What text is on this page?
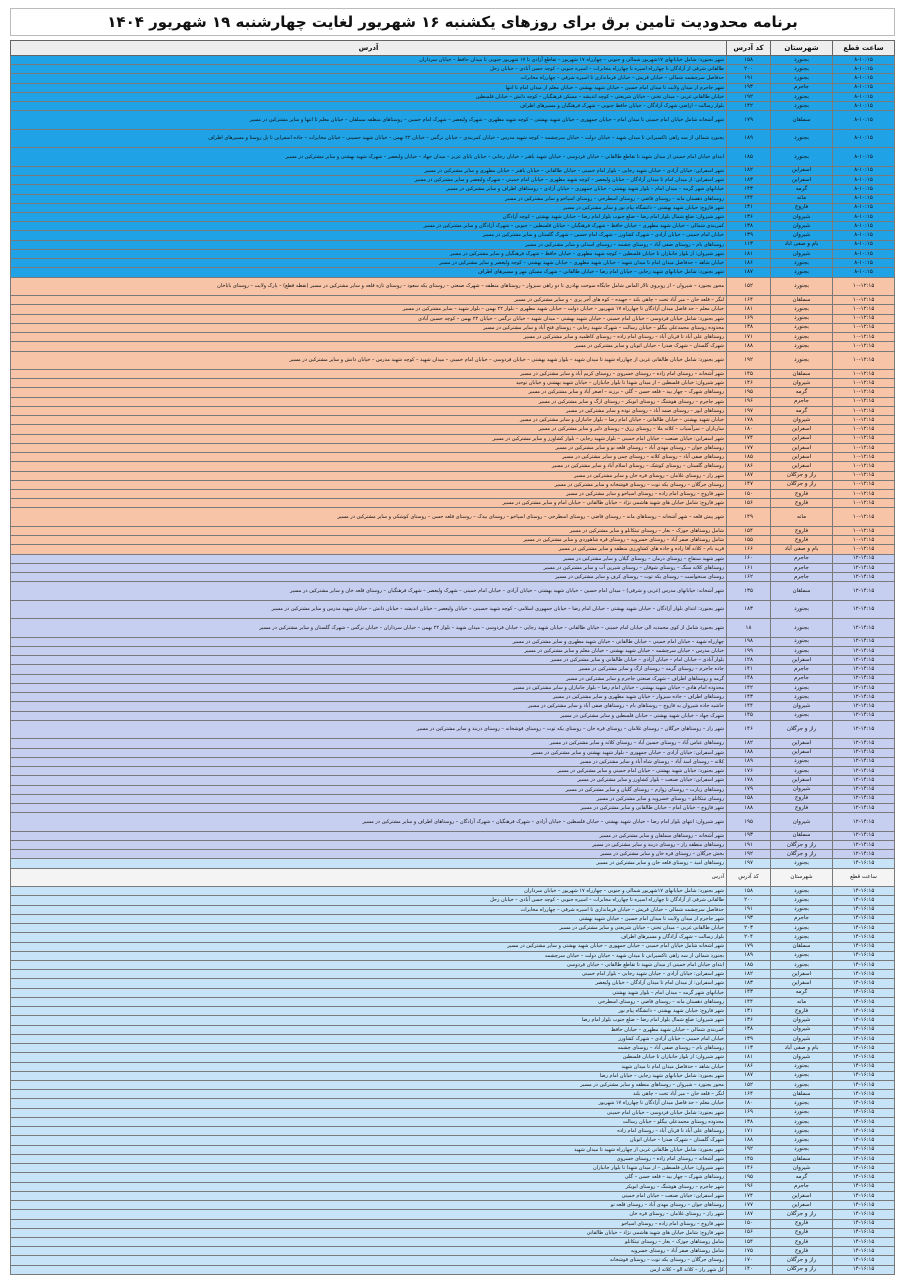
برنامه محدودیت تامین برق برای روزهای یکشنبه ۱۶ شهریور لغایت چهارشنبه ۱۹ شهریور ۱۴۰۴
ساعت قطع	شهرستان	کد آدرس	آدرس
۸-۱۰:۱۵	بجنورد	۱۵۸	شهر بجنورد: شامل خیابانهای ۱۷شهریور شمالی و جنوبی – چهارراه ۱۷ شهریور – تقاطع آزادی تا ۱۷ شهریور جنوبی تا میدان حافظ – خیابان سرداران
۸-۱۰:۱۵	بجنورد	۲۰۰	طالقانی شرقی از آزادگان تا چهارراه اسپره تا چهارراه مخابرات – اسپره جنوبی – کوچه حسن آبادی – خیابان زحل
۸-۱۰:۱۵	بجنورد	۱۹۱	حدفاصل سرچشمه شمالی – خیابان قریش – خیابان فرمانداری تا اسپره شرقی – چهارراه مخابرات
۸-۱۰:۱۵	جاجرم	۱۹۳	شهر جاجرم از میدان ولایت تا میدان امام حسین – خیابان شهید بهشتی – خیابان معلم از میدان امام تا انتها
۸-۱۰:۱۵	بجنورد	۱۹۲	خیابان طالقانی غربی – میدان تختی – خیابان شریعتی – کوچه اندیشه – مسکن فرهنگیان – کوچه دانش – خیابان فلسطین
۸-۱۰:۱۵	بجنورد	۱۴۲	بلوار رسالت – اراضی شهرک آزادگان – خیابان حافظ جنوبی – شهرک فرهنگیان و مسیرهای اطراف
۸-۱۰:۱۵	سملقان	۱۷۹	شهر آشخانه شامل خیابان امام خمینی تا میدان امام – خیابان جمهوری – خیابان شهید بهشتی – کوچه شهید مطهری – شهرک ولیعصر – شهرک امام حسین – روستاهای منطقه سملقان – خیابان معلم تا انتها و سایر مشترکین در مسیر
۸-۱۰:۱۵	بجنورد	۱۸۹	بجنورد شمالی از سه راهی تاکسیرانی تا میدان شهید – خیابان دولت – خیابان سرچشمه – کوچه شهید مدرس – خیابان کمربندی – خیابان نرگس – خیابان ۲۲ بهمن – خیابان شهید حسینی – خیابان مخابرات – جاده اسفراین تا پل روستا و مسیرهای اطراف
۸-۱۰:۱۵	بجنورد	۱۸۵	ابتدای خیابان امام خمینی از میدان شهید تا تقاطع طالقانی – خیابان فردوسی – خیابان شهید باهنر – خیابان رجایی – خیابان بابای عزیز – میدان جهاد – خیابان ولیعصر – شهرک شهید بهشتی و سایر مشترکین در مسیر
۸-۱۰:۱۵	اسفراین	۱۸۲	شهر اسفراین: خیابان آزادی – خیابان شهید رجایی – بلوار امام خمینی – خیابان طالقانی – خیابان باهنر – خیابان مطهری و سایر مشترکین در مسیر
۸-۱۰:۱۵	اسفراین	۱۸۳	شهر اسفراین: از میدان امام تا میدان آزادگان – خیابان ولیعصر – کوچه شهید مطهری – خیابان امام خمینی – شهرک ولیعصر و سایر مشترکین در مسیر
۸-۱۰:۱۵	گرمه	۱۴۳	خیابانهای شهر گرمه – میدان امام – بلوار شهید بهشتی – خیابان جمهوری – خیابان آزادی – روستاهای اطراف و سایر مشترکین در مسیر
۸-۱۰:۱۵	مانه	۱۴۴	روستاهای دهستان مانه – روستای قاضی – روستای اسطرخی – روستای اسپاخو و سایر مشترکین در مسیر
۸-۱۰:۱۵	فاروج	۱۳۱	شهر فاروج: خیابان شهید بهشتی – دانشگاه پیام نور و سایر مشترکین در مسیر
۸-۱۰:۱۵	شیروان	۱۳۶	شهر شیروان: ضلع شمال بلوار امام رضا – ضلع جنوب بلوار امام رضا – خیابان شهید بهشتی – کوچه آزادگان
۸-۱۰:۱۵	شیروان	۱۳۸	کمربندی شمالی – خیابان شهید مطهری – خیابان حافظ – شهرک فرهنگیان – خیابان فلسطین – جنوبی – شهرک آزادگان و سایر مشترکین در مسیر
۸-۱۰:۱۵	شیروان	۱۳۹	خیابان امام خمینی – خیابان آزادی – شهرک کشاورز – شهرک امام حسین – شهرک گلستان و سایر مشترکین در مسیر
۸-۱۰:۱۵	بام و صفی آباد	۱۱۳	روستاهای بام – روستای صفی آباد – روستای چشمه – روستای اسدلی و سایر مشترکین در مسیر
۸-۱۰:۱۵	شیروان	۱۸۱	شهر شیروان: از بلوار جانبازان تا خیابان فلسطین – کوچه شهید مطهری – خیابان حافظ – شهرک فرهنگیان و سایر مشترکین در مسیر
۸-۱۰:۱۵	بجنورد	۱۸۶	خیابان شاهد – حدفاصل میدان امام تا میدان شهید – خیابان شهید مطهری – خیابان شهید بهشتی – کوچه ولیعصر و سایر مشترکین در مسیر
۸-۱۰:۱۵	بجنورد	۱۸۷	شهر بجنورد: شامل خیابانهای شهید رجایی – خیابان امام رضا – خیابان طالقانی – شهرک مسکن مهر و مسیرهای اطراف
۱۰-۱۲:۱۵	بجنورد	۱۵۲	محور بجنورد – شیروان – از روبروی تالار الماس شامل جایگاه سوخت بهادری تا دو راهی سبزوار – روستاهای منطقه – شهرک صنعتی – روستای یکه سعود – روستای تازه قلعه و سایر مشترکین در مسیر (نقطه قطع) – پارک ولایت – روستای باباخان
۱۰-۱۲:۱۵	سملقان	۱۶۴	لنگر – قلعه خان – میر آباد تخت – چاهی بلند – جهیده – کوه های آجر پزی – و سایر مشترکین در مسیر
۱۰-۱۲:۱۵	بجنورد	۱۸۱	خیابان معلم – حد فاصل میدان آزادگان تا چهارراه ۱۷ شهریور – خیابان دولت – خیابان شهید مطهری – بلوار ۲۲ بهمن – بلوار شهید – سایر مشترکین در مسیر
۱۰-۱۲:۱۵	بجنورد	۱۶۹	شهر بجنورد: شامل خیابان فردوسی – خیابان امام خمینی – خیابان شهید بهشتی – میدان شهید – خیابان نرگس – خیابان ۲۲ بهمن – کوچه حسین آبادی
۱۰-۱۲:۱۵	بجنورد	۱۳۸	محدوده روستای محمدعلی بیگلو – خیابان رسالت – شهرک شهید رجایی – روستای فتح آباد و سایر مشترکین در مسیر
۱۰-۱۲:۱۵	بجنورد	۱۷۱	روستاهای علی آباد تا قربان آباد – روستای امام زاده – روستای کاظمیه و سایر مشترکین در مسیر
۱۰-۱۲:۱۵	بجنورد	۱۸۸	شهرک گلستان – شهرک صدرا – خیابان اتوبان و سایر مشترکین در مسیر
۱۰-۱۲:۱۵	بجنورد	۱۹۲	شهر بجنورد: شامل خیابان طالقانی غربی از چهارراه شهید تا میدان شهید – بلوار شهید بهشتی – خیابان فردوسی – خیابان امام خمینی – میدان شهید – کوچه شهید مدرس – خیابان دانش و سایر مشترکین در مسیر
۱۰-۱۲:۱۵	سملقان	۱۴۵	شهر آشخانه – روستای امام زاده – روستای خسروی – روستای کریم آباد و سایر مشترکین در مسیر
۱۰-۱۲:۱۵	شیروان	۱۴۶	شهر شیروان: خیابان فلسطین – از میدان شهدا تا بلوار جانبازان – خیابان شهید بهشتی و خیابان توحید
۱۰-۱۲:۱۵	گرمه	۱۹۵	روستاهای شهرک – چهار بید – قلعه حسن – گلی – برزند – اصغر آباد و سایر مشترکین در مسیر
۱۰-۱۲:۱۵	جاجرم	۱۹۶	شهر جاجرم – روستای هوشنگ – روستای ابوبکر – روستای ارگ و سایر مشترکین در مسیر
۱۰-۱۲:۱۵	گرمه	۱۹۷	روستاهای ایور – روستای صمد آباد – روستای نوده و سایر مشترکین در مسیر
۱۰-۱۲:۱۵	شیروان	۱۷۸	خیابان شهید بهشتی – خیابان طالقانی – خیابان امام رضا – بلوار جانبازان و سایر مشترکین در مسیر
۱۰-۱۲:۱۵	اسفراین	۱۸۰	سارباران – سرآسیاب – کلاته ملا – روستای زرق – روستای دلبر و سایر مشترکین در مسیر
۱۰-۱۲:۱۵	اسفراین	۱۷۴	شهر اسفراین: خیابان صنعت – خیابان امام خمینی – بلوار شهید رجایی – بلوار کشاورز و سایر مشترکین در مسیر
۱۰-۱۲:۱۵	اسفراین	۱۷۷	روستاهای جوان – روستای مهدی آباد – روستای قلعه نو و سایر مشترکین در مسیر
۱۰-۱۲:۱۵	اسفراین	۱۸۵	روستاهای صفی آباد – روستای کلاته – روستای چمن و سایر مشترکین در مسیر
۱۰-۱۲:۱۵	اسفراین	۱۸۶	روستاهای گلستان – روستای کوشک – روستای اسلام آباد و سایر مشترکین در مسیر
۱۰-۱۲:۱۵	راز و جرگلان	۱۸۷	شهر راز – روستای غلامان – روستای قره خان و سایر مشترکین در مسیر
۱۰-۱۲:۱۵	راز و جرگلان	۱۴۷	روستای جرگلان – روستای یکه توت – روستای قوشخانه و سایر مشترکین در مسیر
۱۰-۱۲:۱۵	فاروج	۱۵۰	شهر فاروج – روستای امام زاده – روستای اسپاخو و سایر مشترکین در مسیر
۱۰-۱۲:۱۵	فاروج	۱۵۶	شهر فاروج: شامل خیابان های شهید هاشمی نژاد – خیابان طالقانی – خیابان امام و سایر مشترکین در مسیر
۱۰-۱۲:۱۵	مانه	۱۴۹	شهر پیش قلعه – شهر آشخانه – روستاهای مانه – روستای قاضی – روستای اسطرخی – روستای اسپاخو – روستای بیدک – روستای قلعه حسن – روستای کوشکی و سایر مشترکین در مسیر
۱۰-۱۲:۱۵	فاروج	۱۵۴	شامل روستاهای جوزک – بغار – روستای تیتکانلو و سایر مشترکین در مسیر
۱۰-۱۲:۱۵	فاروج	۱۵۵	شامل روستاهای صفر آباد – روستای خسرویه – روستای قره شاهوردی و سایر مشترکین در مسیر
۱۰-۱۲:۱۵	بام و صفی آباد	۱۶۶	قریه بام – کلاته آقا زاده و جاده های کشاورزی منطقه و سایر مشترکین در مسیر
۱۲-۱۴:۱۵	جاجرم	۱۶۰	شهر شهید سنقاچ – روستای درمان – روستای گیلان و سایر مشترکین در مسیر
۱۲-۱۴:۱۵	جاجرم	۱۶۱	روستاهای کلاته سنگ – روستای شوقان – روستای شیرین آب و سایر مشترکین در مسیر
۱۲-۱۴:۱۵	جاجرم	۱۶۲	روستای سنخواست – روستای یکه توت – روستای کرف و سایر مشترکین در مسیر
۱۲-۱۴:۱۵	سملقان	۱۳۵	شهر آشخانه: خیابانهای مدرس (غربی و شرقی) – میدان امام حسین – خیابان شهید بهشتی – خیابان آزادی – خیابان امام خمینی – شهرک ولیعصر – شهرک فرهنگیان – روستای قلعه خان و سایر مشترکین در مسیر
۱۲-۱۴:۱۵	بجنورد	۱۸۳	شهر بجنورد: ابتدای بلوار آزادگان – خیابان شهید بهشتی – خیابان امام رضا – خیابان جمهوری اسلامی – کوچه شهید حسینی – خیابان ولیعصر – خیابان اندیشه – خیابان دانش – خیابان شهید مدرس و سایر مشترکین در مسیر
۱۲-۱۴:۱۵	بجنورد	۱۸	شهر بجنورد شامل از کوی محمدیه الی خیابان امام خمینی – خیابان طالقانی – خیابان شهید رجایی – خیابان فردوسی – میدان شهید – بلوار ۲۲ بهمن – خیابان سرداران – خیابان نرگس – شهرک گلستان و سایر مشترکین در مسیر
۱۲-۱۴:۱۵	بجنورد	۱۹۸	چهارراه شهید – خیابان امام خمینی – خیابان طالقانی – خیابان شهید مطهری و سایر مشترکین در مسیر
۱۲-۱۴:۱۵	بجنورد	۱۹۹	خیابان مدرس – خیابان سرچشمه – خیابان شهید بهشتی – خیابان معلم و سایر مشترکین در مسیر
۱۲-۱۴:۱۵	اسفراین	۱۲۸	بلوار آبادی – خیابان امام – خیابان آزادی – خیابان طالقانی و سایر مشترکین در مسیر
۱۲-۱۴:۱۵	جاجرم	۱۴۱	جاده جاجرم – روستای گرمه – روستای ارگ و سایر مشترکین در مسیر
۱۲-۱۴:۱۵	جاجرم	۱۴۸	گرمه و روستاهای اطراف – شهرک صنعتی جاجرم و سایر مشترکین در مسیر
۱۲-۱۴:۱۵	بجنورد	۱۴۲	محدوده امام هادی – خیابان شهید بهشتی – خیابان امام رضا – بلوار جانبازان و سایر مشترکین در مسیر
۱۲-۱۴:۱۵	بجنورد	۱۴۳	روستاهای اطراف – جاده سبزوار – خیابان شهید مطهری و سایر مشترکین در مسیر
۱۲-۱۴:۱۵	شیروان	۱۴۴	حاشیه جاده شیروان به فاروج – روستاهای بام – روستاهای صفی آباد و سایر مشترکین در مسیر
۱۲-۱۴:۱۵	بجنورد	۱۴۵	شهرک جهاد – خیابان شهید بهشتی – خیابان فلسطین و سایر مشترکین در مسیر
۱۲-۱۴:۱۵	راز و جرگلان	۱۴۶	شهر راز – روستاهای جرگلان – روستای غلامان – روستای قره خان – روستای یکه توت – روستای قوشخانه – روستای دربند و سایر مشترکین در مسیر
۱۲-۱۴:۱۵	اسفراین	۱۸۲	روستاهای عباس آباد – روستای حسین آباد – روستای کلاته و سایر مشترکین در مسیر
۱۲-۱۴:۱۵	اسفراین	۱۸۸	شهر اسفراین: خیابان آزادی – خیابان جمهوری – بلوار شهید بهشتی و سایر مشترکین در مسیر
۱۲-۱۴:۱۵	بجنورد	۱۸۹	کلاته – روستای اسد آباد – روستای شاه آباد و سایر مشترکین در مسیر
۱۲-۱۴:۱۵	بجنورد	۱۷۶	شهر بجنورد: خیابان شهید بهشتی – خیابان امام خمینی و سایر مشترکین در مسیر
۱۲-۱۴:۱۵	اسفراین	۱۷۸	شهر اسفراین: خیابان صنعت – بلوار کشاورز و سایر مشترکین در مسیر
۱۲-۱۴:۱۵	شیروان	۱۷۹	روستاهای زیارت – روستای زوارم – روستای گلیان و سایر مشترکین در مسیر
۱۲-۱۴:۱۵	فاروج	۱۵۸	روستای تیتکانلو – روستای خسرویه و سایر مشترکین در مسیر
۱۲-۱۴:۱۵	فاروج	۱۸۸	شهر فاروج – خیابان امام – خیابان طالقانی و سایر مشترکین در مسیر
۱۲-۱۴:۱۵	شیروان	۱۹۵	شهر شیروان: انتهای بلوار امام رضا – خیابان شهید بهشتی – خیابان فلسطین – خیابان آزادی – شهرک فرهنگیان – شهرک آزادگان – روستاهای اطراف و سایر مشترکین در مسیر
۱۲-۱۴:۱۵	سملقان	۱۹۳	شهر آشخانه – روستاهای سملقان و سایر مشترکین در مسیر
۱۲-۱۴:۱۵	راز و جرگلان	۱۹۱	روستاهای منطقه راز – روستای دربند و سایر مشترکین در مسیر
۱۲-۱۴:۱۵	راز و جرگلان	۱۹۲	بخش جرگلان – روستای قره خان و سایر مشترکین در مسیر
۱۴-۱۶:۱۵	بجنورد	۱۹۷	روستاهای امید – روستای قلعه خان و سایر مشترکین در مسیر
ساعت قطع	شهرستان	کد آدرس	آدرس
۱۴-۱۶:۱۵	بجنورد	۱۵۸	شهر بجنورد: شامل خیابانهای ۱۷شهریور شمالی و جنوبی – چهارراه ۱۷ شهریور – خیابان سرداران
۱۴-۱۶:۱۵	بجنورد	۲۰۰	طالقانی شرقی از آزادگان تا چهارراه اسپره تا چهارراه مخابرات – اسپره جنوبی – کوچه حسن آبادی – خیابان زحل
۱۴-۱۶:۱۵	بجنورد	۱۹۱	حدفاصل سرچشمه شمالی – خیابان قریش – خیابان فرمانداری تا اسپره شرقی – چهارراه مخابرات
۱۴-۱۶:۱۵	جاجرم	۱۹۳	شهر جاجرم از میدان ولایت تا میدان امام حسین – خیابان شهید بهشتی
۱۴-۱۶:۱۵	بجنورد	۲۰۳	خیابان طالقانی غربی – میدان تختی – خیابان شریعتی و سایر مشترکین در مسیر
۱۴-۱۶:۱۵	بجنورد	۲۰۴	بلوار رسالت – شهرک آزادگان و مسیرهای اطراف
۱۴-۱۶:۱۵	سملقان	۱۷۹	شهر آشخانه شامل خیابان امام خمینی – خیابان جمهوری – خیابان شهید بهشتی و سایر مشترکین در مسیر
۱۴-۱۶:۱۵	بجنورد	۱۸۹	بجنورد شمالی از سه راهی تاکسیرانی تا میدان شهید – خیابان دولت – خیابان سرچشمه
۱۴-۱۶:۱۵	بجنورد	۱۸۵	ابتدای خیابان امام خمینی از میدان شهید تا تقاطع طالقانی – خیابان فردوسی
۱۴-۱۶:۱۵	اسفراین	۱۸۲	شهر اسفراین: خیابان آزادی – خیابان شهید رجایی – بلوار امام خمینی
۱۴-۱۶:۱۵	اسفراین	۱۸۳	شهر اسفراین: از میدان امام تا میدان آزادگان – خیابان ولیعصر
۱۴-۱۶:۱۵	گرمه	۱۴۳	خیابانهای شهر گرمه – میدان امام – بلوار شهید بهشتی
۱۴-۱۶:۱۵	مانه	۱۴۴	روستاهای دهستان مانه – روستای قاضی – روستای اسطرخی
۱۴-۱۶:۱۵	فاروج	۱۳۱	شهر فاروج: خیابان شهید بهشتی – دانشگاه پیام نور
۱۴-۱۶:۱۵	شیروان	۱۳۶	شهر شیروان: ضلع شمال بلوار امام رضا – ضلع جنوب بلوار امام رضا
۱۴-۱۶:۱۵	شیروان	۱۳۸	کمربندی شمالی – خیابان شهید مطهری – خیابان حافظ
۱۴-۱۶:۱۵	شیروان	۱۳۹	خیابان امام خمینی – خیابان آزادی – شهرک کشاورز
۱۴-۱۶:۱۵	بام و صفی آباد	۱۱۳	روستاهای بام – روستای صفی آباد – روستای چشمه
۱۴-۱۶:۱۵	شیروان	۱۸۱	شهر شیروان: از بلوار جانبازان تا خیابان فلسطین
۱۴-۱۶:۱۵	بجنورد	۱۸۶	خیابان شاهد – حدفاصل میدان امام تا میدان شهید
۱۴-۱۶:۱۵	بجنورد	۱۸۷	شهر بجنورد: شامل خیابانهای شهید رجایی – خیابان امام رضا
۱۴-۱۶:۱۵	بجنورد	۱۵۲	محور بجنورد – شیروان – روستاهای منطقه و سایر مشترکین در مسیر
۱۴-۱۶:۱۵	سملقان	۱۶۴	لنگر – قلعه خان – میر آباد تخت – چاهی بلند
۱۴-۱۶:۱۵	بجنورد	۱۸۰	خیابان معلم – حد فاصل میدان آزادگان تا چهارراه ۱۷ شهریور
۱۴-۱۶:۱۵	بجنورد	۱۶۹	شهر بجنورد: شامل خیابان فردوسی – خیابان امام خمینی
۱۴-۱۶:۱۵	بجنورد	۱۳۸	محدوده روستای محمدعلی بیگلو – خیابان رسالت
۱۴-۱۶:۱۵	بجنورد	۱۷۱	روستاهای علی آباد تا قربان آباد – روستای امام زاده
۱۴-۱۶:۱۵	بجنورد	۱۸۸	شهرک گلستان – شهرک صدرا – خیابان اتوبان
۱۴-۱۶:۱۵	بجنورد	۱۹۲	شهر بجنورد: شامل خیابان طالقانی غربی از چهارراه شهید تا میدان شهید
۱۴-۱۶:۱۵	سملقان	۱۴۵	شهر آشخانه – روستای امام زاده – روستای خسروی
۱۴-۱۶:۱۵	شیروان	۱۴۶	شهر شیروان: خیابان فلسطین – از میدان شهدا تا بلوار جانبازان
۱۴-۱۶:۱۵	گرمه	۱۹۵	روستاهای شهرک – چهار بید – قلعه حسن – گلی
۱۴-۱۶:۱۵	جاجرم	۱۹۶	شهر جاجرم – روستای هوشنگ – روستای ابوبکر
۱۴-۱۶:۱۵	اسفراین	۱۷۴	شهر اسفراین: خیابان صنعت – خیابان امام خمینی
۱۴-۱۶:۱۵	اسفراین	۱۷۷	روستاهای جوان – روستای مهدی آباد – روستای قلعه نو
۱۴-۱۶:۱۵	راز و جرگلان	۱۸۷	شهر راز – روستای غلامان – روستای قره خان
۱۴-۱۶:۱۵	فاروج	۱۵۰	شهر فاروج – روستای امام زاده – روستای اسپاخو
۱۴-۱۶:۱۵	فاروج	۱۵۶	شهر فاروج: شامل خیابان های شهید هاشمی نژاد – خیابان طالقانی
۱۴-۱۶:۱۵	فاروج	۱۵۴	شامل روستاهای جوزک – بغار – روستای تیتکانلو
۱۴-۱۶:۱۵	فاروج	۱۷۵	شامل روستاهای صفر آباد – روستای خسرویه
۱۴-۱۶:۱۵	راز و جرگلان	۱۷۰	روستای جرگلان – روستای یکه توت – روستای قوشخانه
۱۴-۱۶:۱۵	راز و جرگلان	۱۴۰	کل شهر راز – کلاته الو – کلاته ازمن
